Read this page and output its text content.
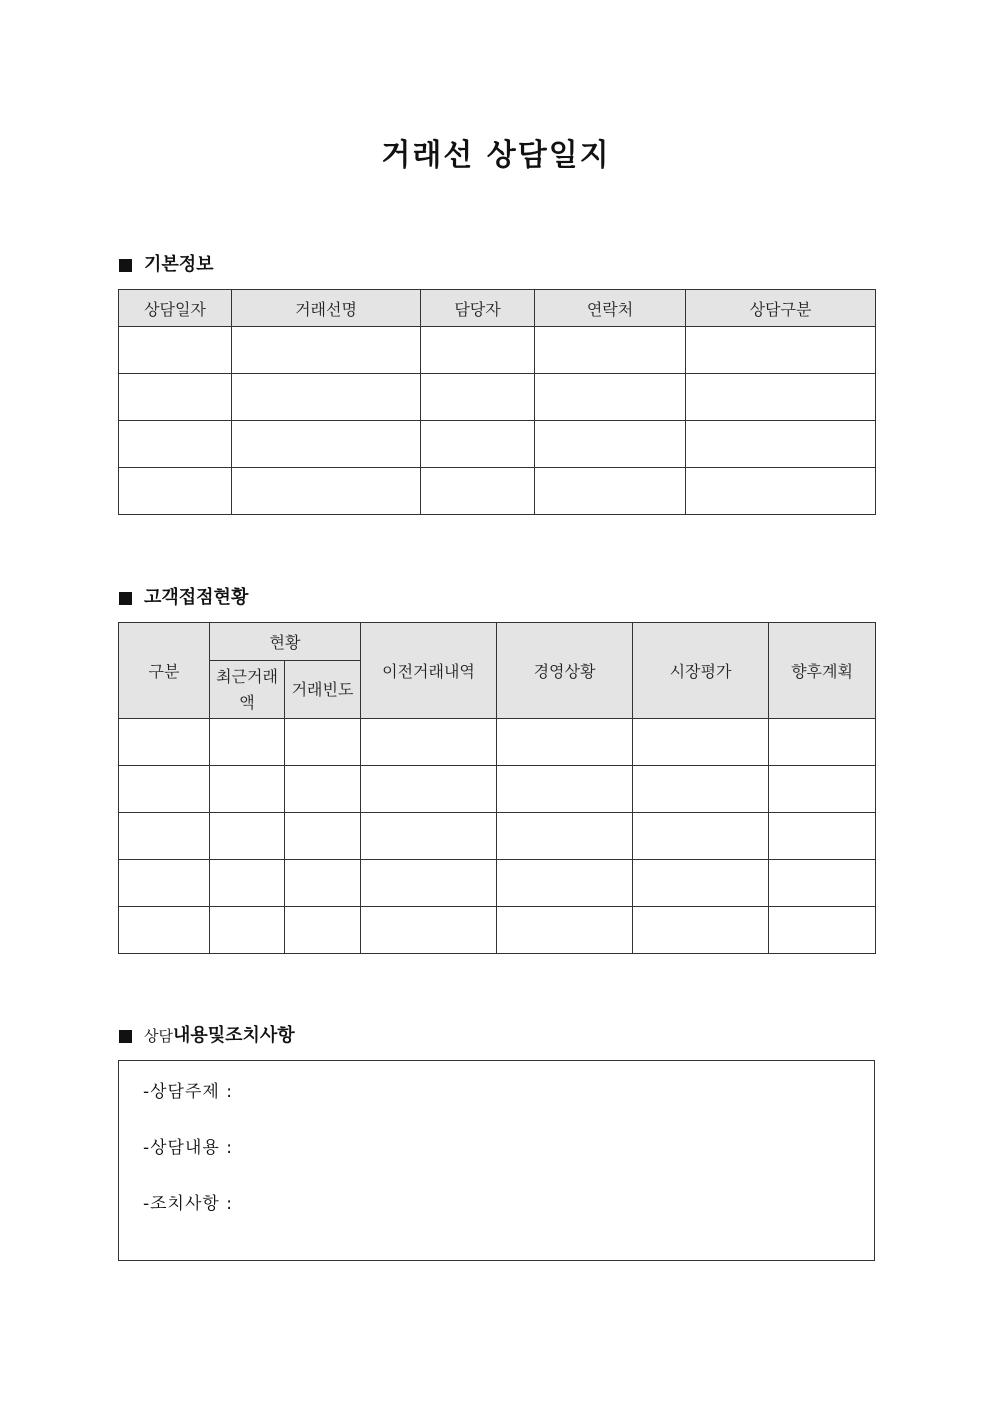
거래선 상담일지
기본정보
상담일자	거래선명	담당자	연락처	상담구분

고객접점현황
구분	현황		이전거래내역	경영상황	시장평가	향후계획
	최근거래액	거래빈도				

상담 내용및조치사항
-상담주제 :
-상담내용 :
-조치사항 :
